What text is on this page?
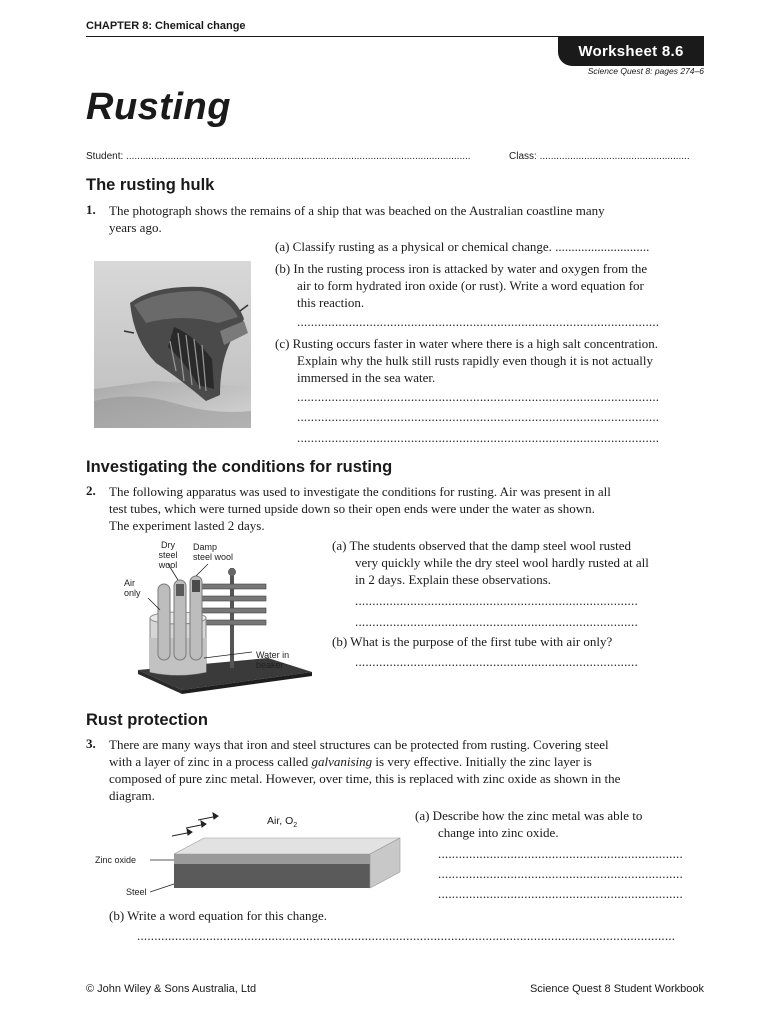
CHAPTER 8: Chemical change
Worksheet 8.6
Science Quest 8: pages 274–6
Rusting
Student: ............................................................................................................................	Class: ......................................................
The rusting hulk
1. The photograph shows the remains of a ship that was beached on the Australian coastline many
years ago.
(a) Classify rusting as a physical or chemical change. .............................
(b) In the rusting process iron is attacked by water and oxygen from the
air to form hydrated iron oxide (or rust). Write a word equation for
this reaction.
.........................................................................................................
(c) Rusting occurs faster in water where there is a high salt concentration.
Explain why the hulk still rusts rapidly even though it is not actually
immersed in the sea water.
.........................................................................................................
.........................................................................................................
.........................................................................................................
Investigating the conditions for rusting
2. The following apparatus was used to investigate the conditions for rusting. Air was present in all
test tubes, which were turned upside down so their open ends were under the water as shown.
The experiment lasted 2 days.
Dry
steel wool
Damp
steel wool
Air
only
Water in
beaker
(a) The students observed that the damp steel wool rusted
very quickly while the dry steel wool hardly rusted at all
in 2 days. Explain these observations.
..................................................................................
..................................................................................
(b) What is the purpose of the first tube with air only?
..................................................................................
Rust protection
3. There are many ways that iron and steel structures can be protected from rusting. Covering steel
with a layer of zinc in a process called galvanising is very effective. Initially the zinc layer is
composed of pure zinc metal. However, over time, this is replaced with zinc oxide as shown in the
diagram.
Air, $O_2$
Zinc oxide
Steel
(a) Describe how the zinc metal was able to
change into zinc oxide.
.......................................................................
.......................................................................
.......................................................................
(b) Write a word equation for this change.
............................................................................................................................................................
© John Wiley & Sons Australia, Ltd	Science Quest 8 Student Workbook
